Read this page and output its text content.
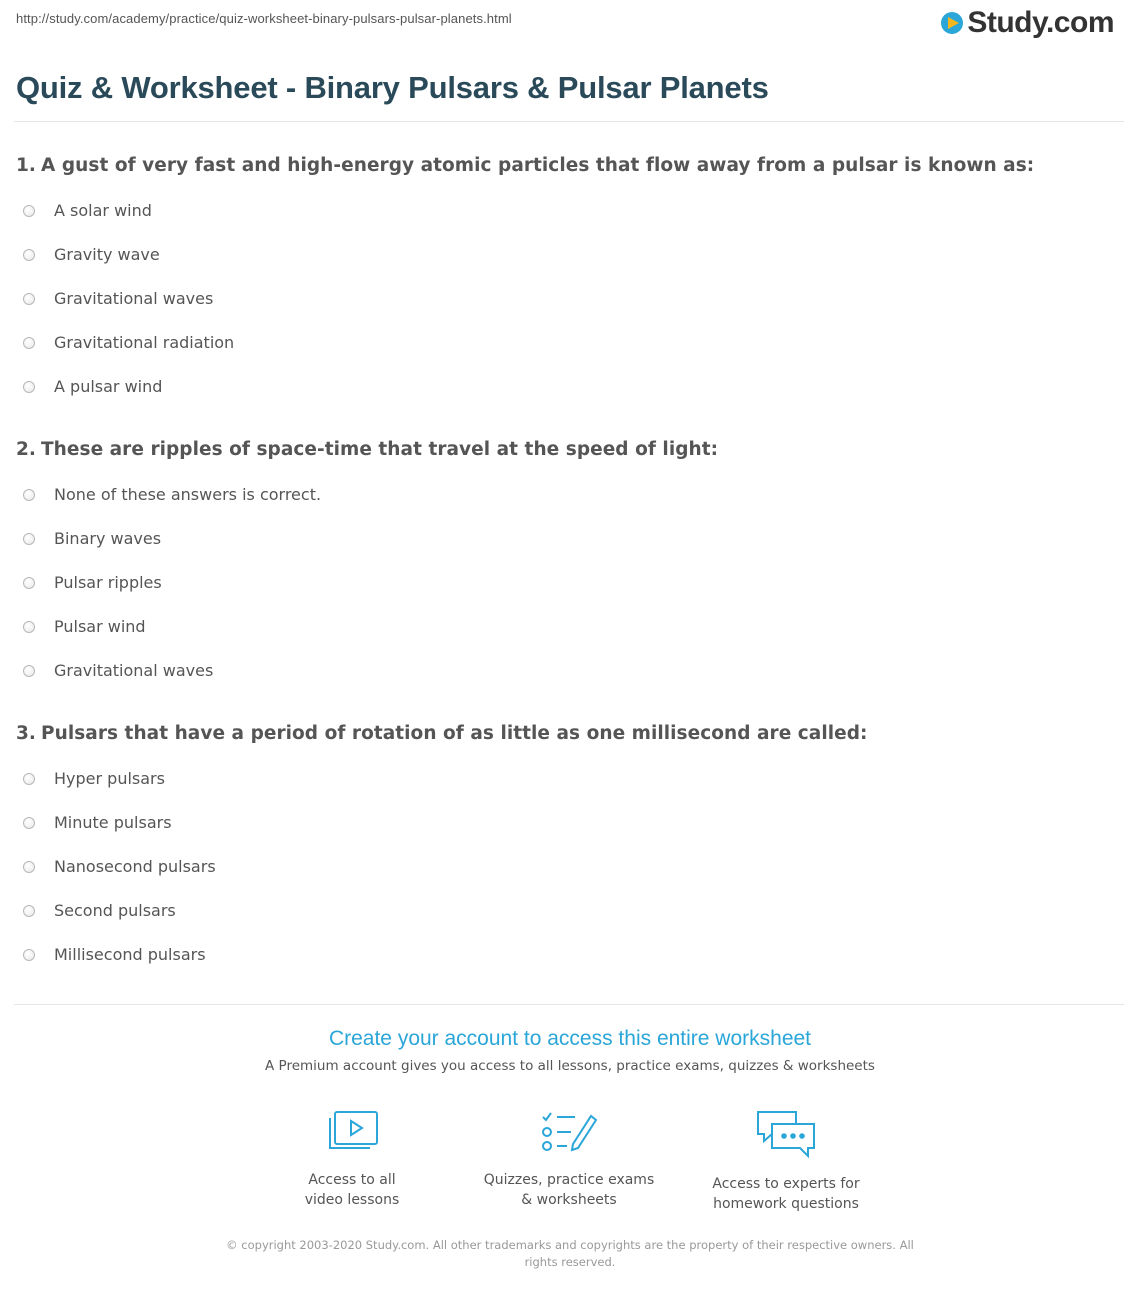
http://study.com/academy/practice/quiz-worksheet-binary-pulsars-pulsar-planets.html	Study.com
Quiz & Worksheet - Binary Pulsars & Pulsar Planets
1. A gust of very fast and high-energy atomic particles that flow away from a pulsar is known as:
A solar wind
Gravity wave
Gravitational waves
Gravitational radiation
A pulsar wind
2. These are ripples of space-time that travel at the speed of light:
None of these answers is correct.
Binary waves
Pulsar ripples
Pulsar wind
Gravitational waves
3. Pulsars that have a period of rotation of as little as one millisecond are called:
Hyper pulsars
Minute pulsars
Nanosecond pulsars
Second pulsars
Millisecond pulsars
Create your account to access this entire worksheet
A Premium account gives you access to all lessons, practice exams, quizzes & worksheets
Access to all
video lessons
Quizzes, practice exams
& worksheets
Access to experts for
homework questions
© copyright 2003-2020 Study.com. All other trademarks and copyrights are the property of their respective owners. All rights reserved.
